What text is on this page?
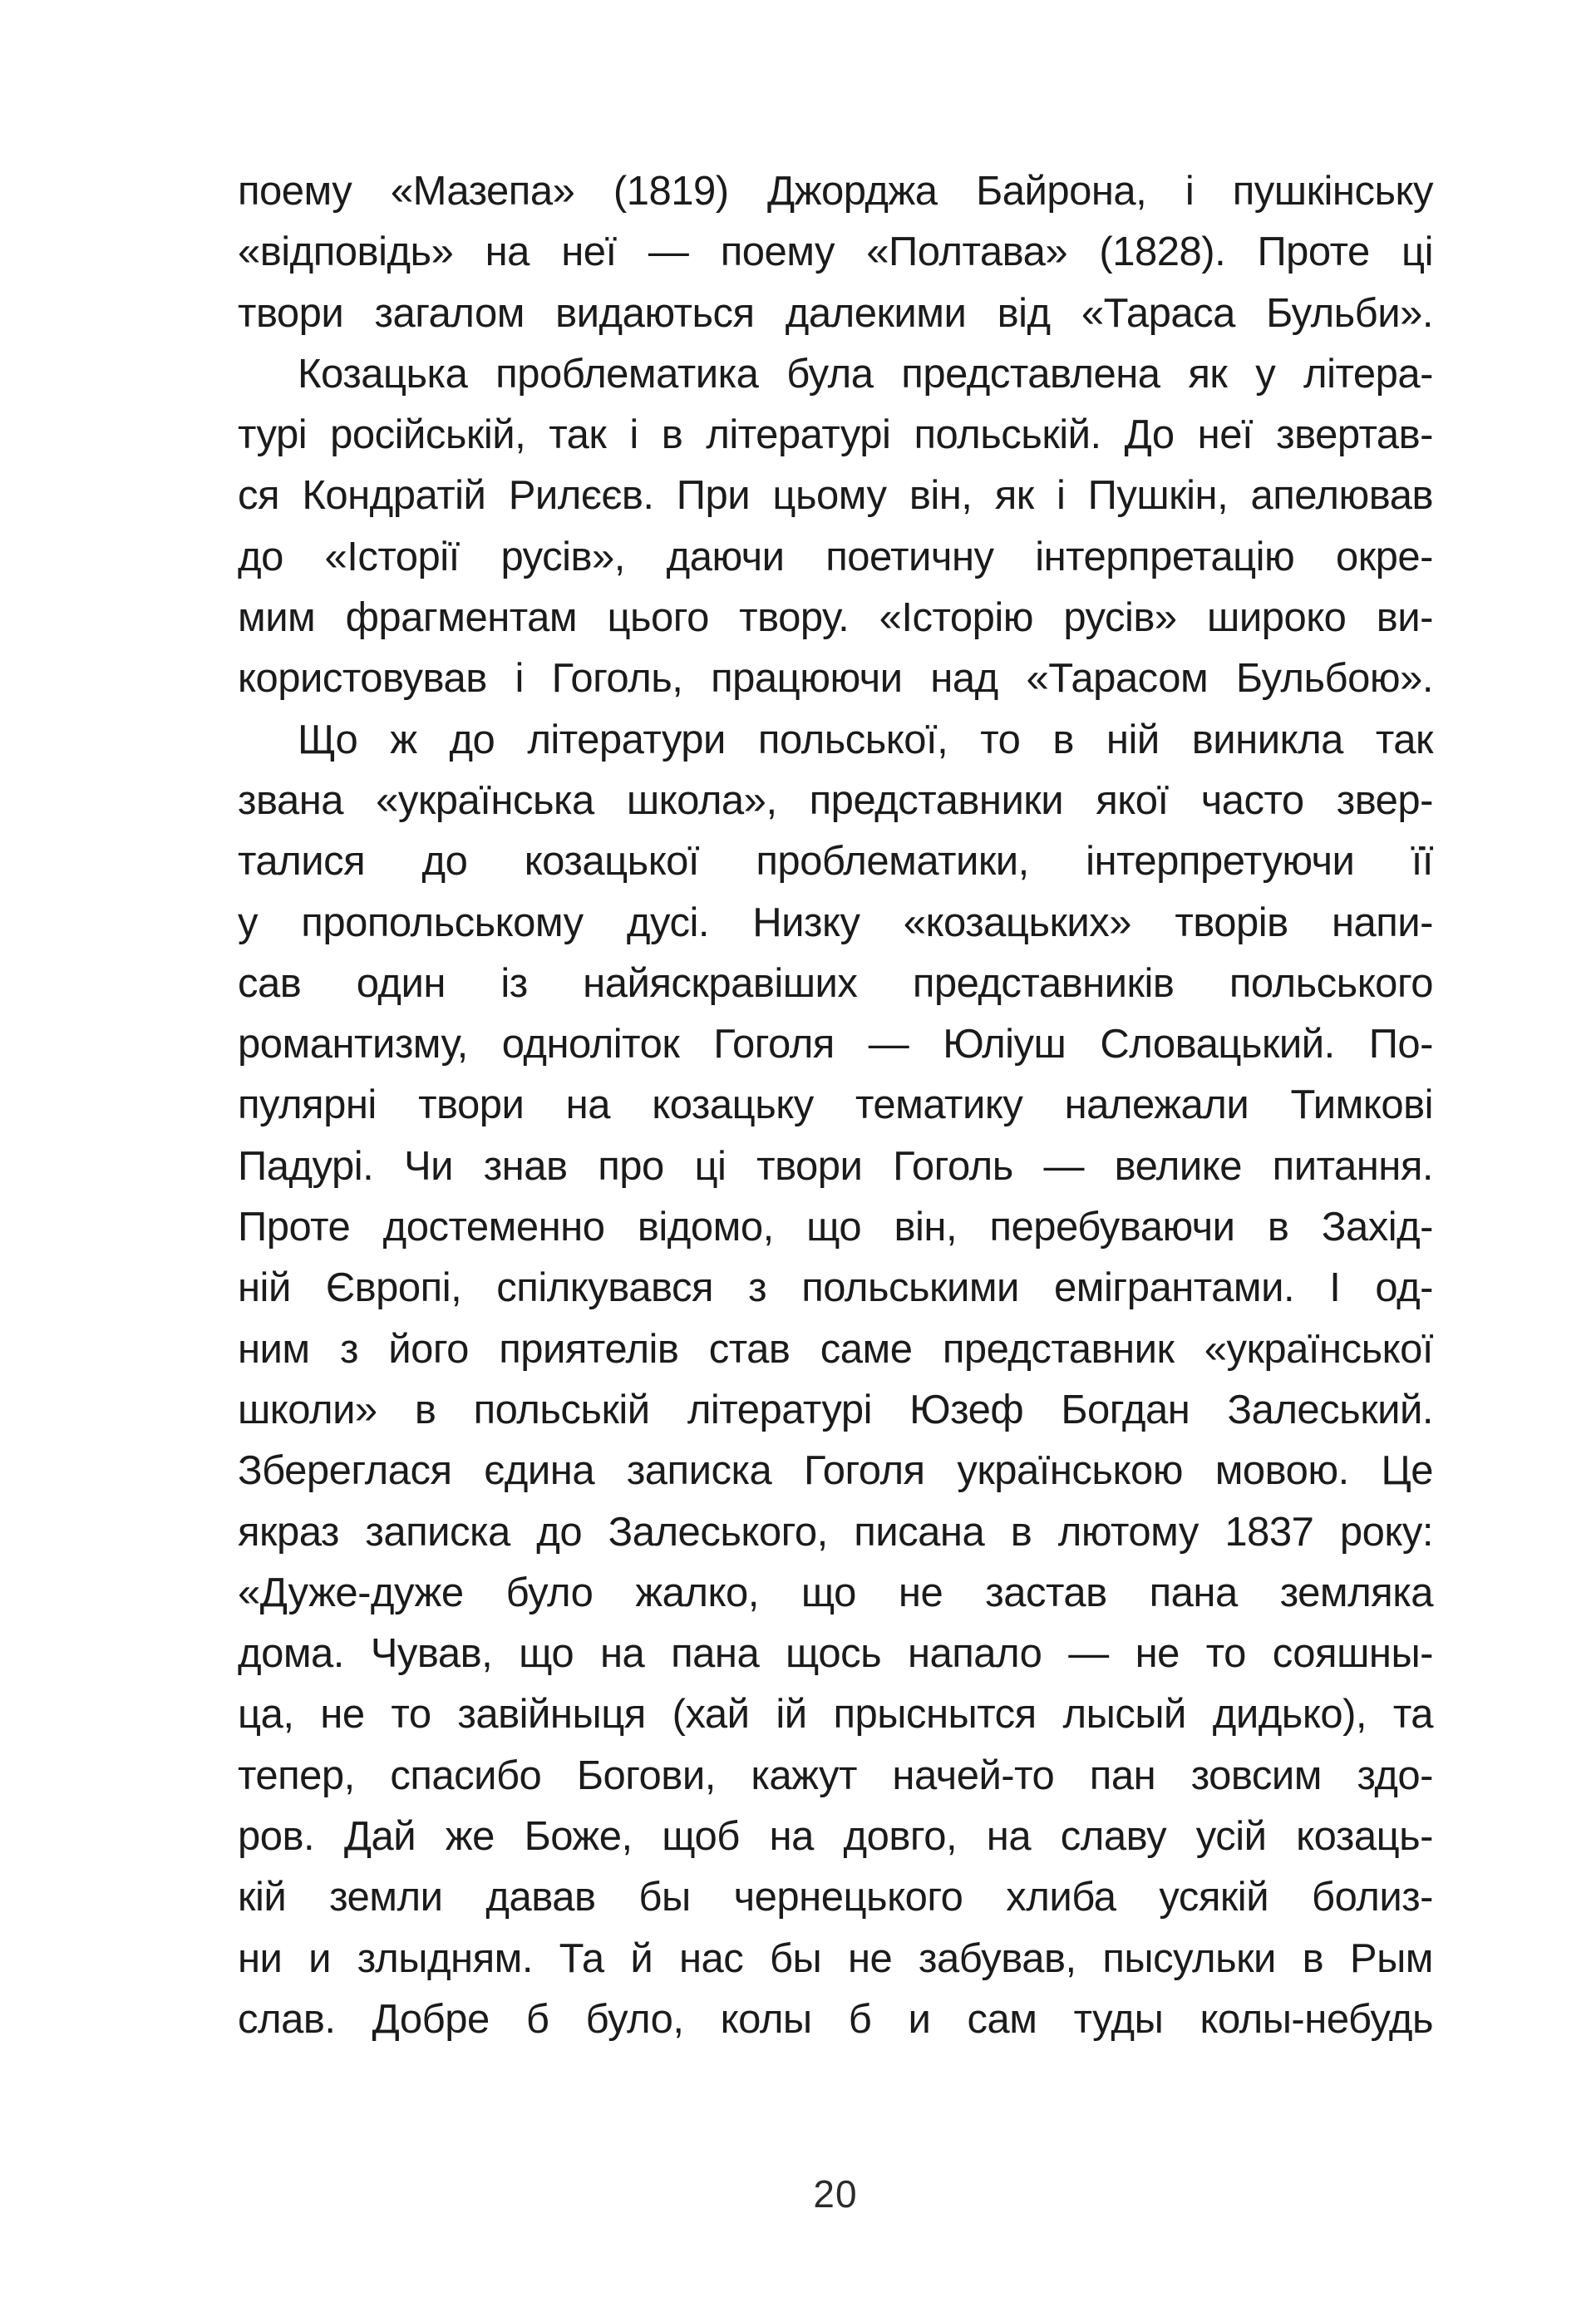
поему «Мазепа» (1819) Джорджа Байрона, і пушкінську
«відповідь» на неї — поему «Полтава» (1828). Проте ці
твори загалом видаються далекими від «Тараса Бульби».
Козацька проблематика була представлена як у літера-
турі російській, так і в літературі польській. До неї звертав-
ся Кондратій Рилєєв. При цьому він, як і Пушкін, апелював
до «Історії русів», даючи поетичну інтерпретацію окре-
мим фрагментам цього твору. «Історію русів» широко ви-
користовував і Гоголь, працюючи над «Тарасом Бульбою».
Що ж до літератури польської, то в ній виникла так
звана «українська школа», представники якої часто звер-
талися до козацької проблематики, інтерпретуючи її
у пропольському дусі. Низку «козацьких» творів напи-
сав один із найяскравіших представників польського
романтизму, одноліток Гоголя — Юліуш Словацький. По-
пулярні твори на козацьку тематику належали Тимкові
Падурі. Чи знав про ці твори Гоголь — велике питання.
Проте достеменно відомо, що він, перебуваючи в Захід-
ній Європі, спілкувався з польськими емігрантами. І од-
ним з його приятелів став саме представник «української
школи» в польській літературі Юзеф Богдан Залеський.
Збереглася єдина записка Гоголя українською мовою. Це
якраз записка до Залеського, писана в лютому 1837 року:
«Дуже-дуже було жалко, що не застав пана земляка
дома. Чував, що на пана щось напало — не то сояшны-
ца, не то завійныця (хай ій прыснытся лысый дидько), та
тепер, спасибо Богови, кажут начей-то пан зовсим здо-
ров. Дай же Боже, щоб на довго, на славу усій козаць-
кій земли давав бы чернецького хлиба усякій болиз-
ни и злыдням. Та й нас бы не забував, пысульки в Рым
слав. Добре б було, колы б и сам туды колы-небудь
20
